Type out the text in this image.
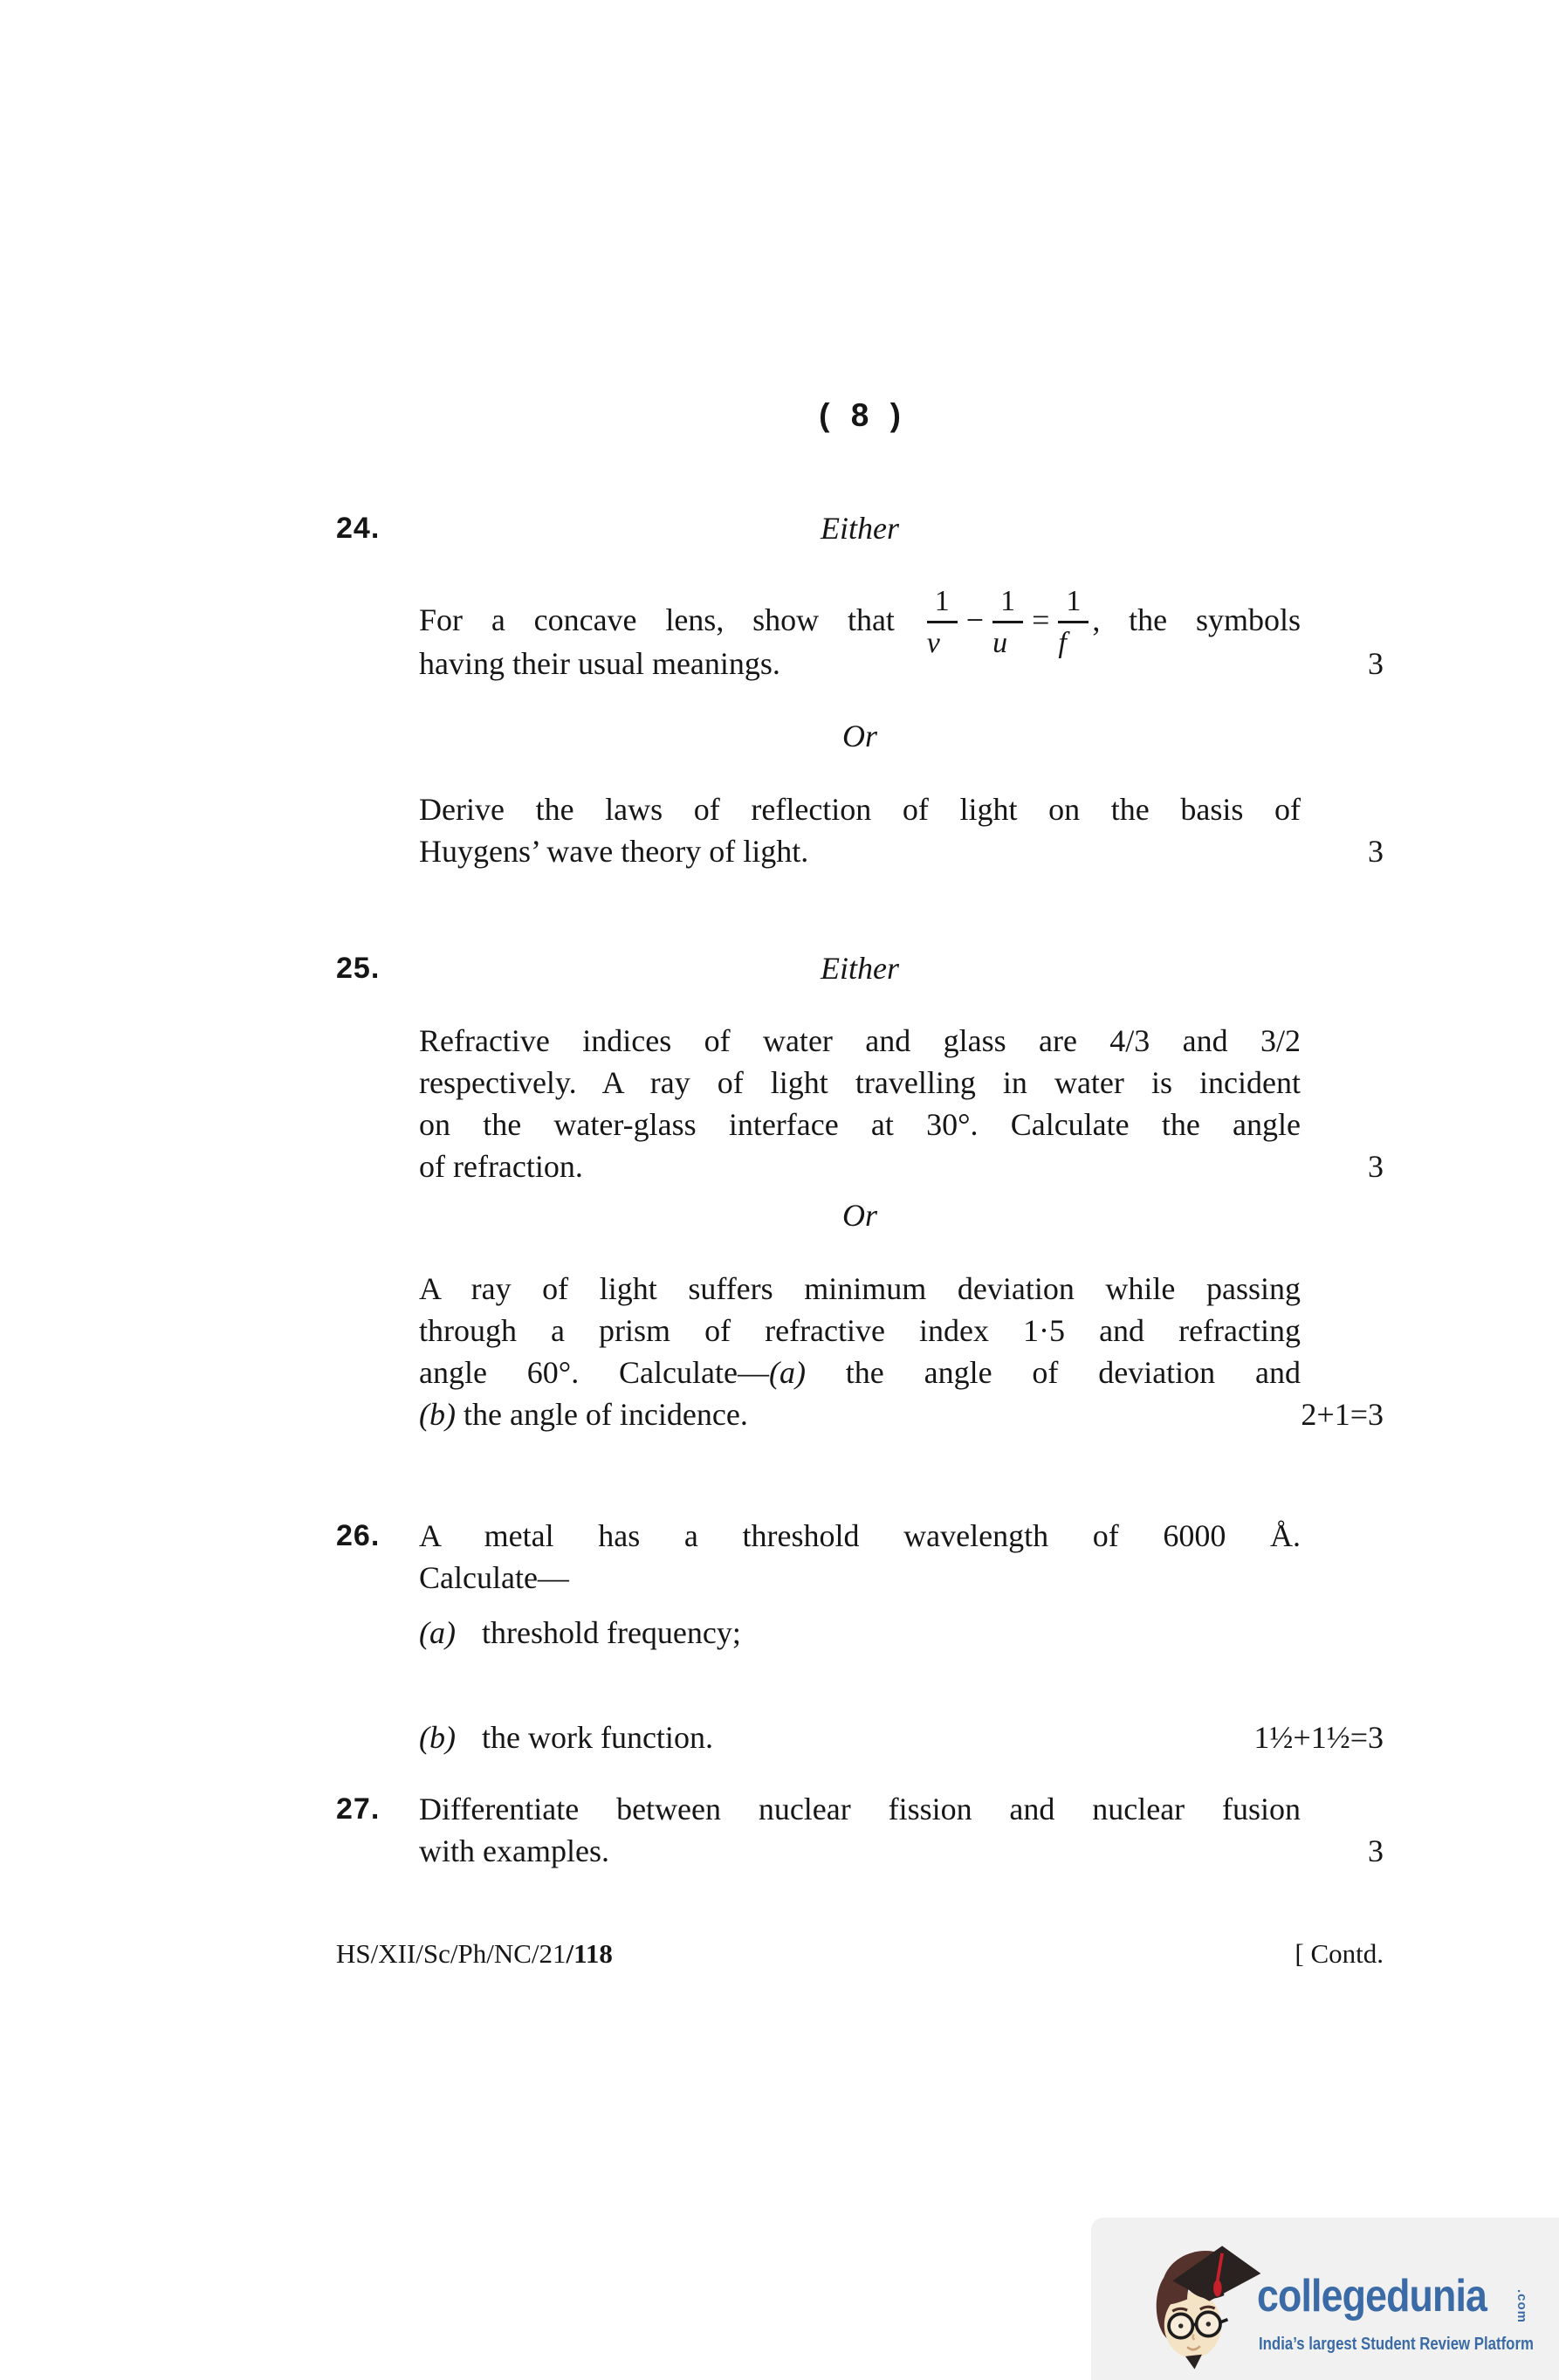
( 8 )
24.	Either
For a concave lens, show that $\frac{1}{v} - \frac{1}{u} = \frac{1}{f}$ , the symbols
having their usual meanings.	3
Or
Derive the laws of reflection of light on the basis of
Huygens’ wave theory of light.	3
25.	Either
Refractive indices of water and glass are 4/3 and 3/2
respectively. A ray of light travelling in water is incident
on the water-glass interface at 30°. Calculate the angle
of refraction.	3
Or
A ray of light suffers minimum deviation while passing
through a prism of refractive index 1·5 and refracting
angle 60°. Calculate—(a) the angle of deviation and
(b) the angle of incidence.	2+1=3
26. A metal has a threshold wavelength of 6000 Å.
Calculate—
(a) threshold frequency;
(b) the work function.	1½+1½=3
27. Differentiate between nuclear fission and nuclear fusion
with examples.	3
HS/XII/Sc/Ph/NC/21/118	[ Contd.
collegedunia .com
India’s largest Student Review Platform
